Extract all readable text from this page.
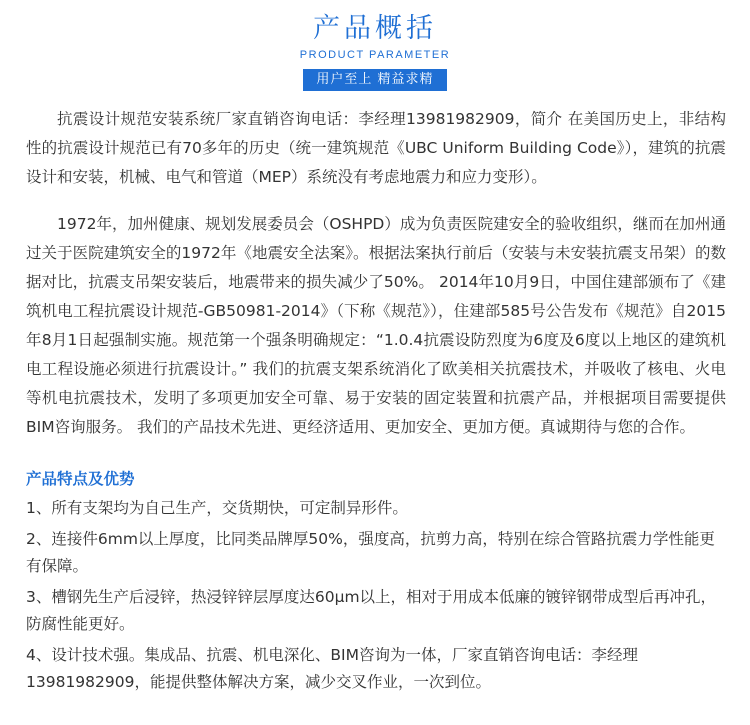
产品概括
PRODUCT PARAMETER
用户至上 精益求精

抗震设计规范安装系统厂家直销咨询电话：李经理13981982909，简介 在美国历史上，非结构性的抗震设计规范已有70多年的历史（统一建筑规范《UBC Uniform Building Code》），建筑的抗震设计和安装，机械、电气和管道（MEP）系统没有考虑地震力和应力变形）。

1972年，加州健康、规划发展委员会（OSHPD）成为负责医院建安全的验收组织，继而在加州通过关于医院建筑安全的1972年《地震安全法案》。根据法案执行前后（安装与未安装抗震支吊架）的数据对比，抗震支吊架安装后，地震带来的损失减少了50%。 2014年10月9日，中国住建部颁布了《建筑机电工程抗震设计规范-GB50981-2014》（下称《规范》），住建部585号公告发布《规范》自2015年8月1日起强制实施。规范第一个强条明确规定：“1.0.4抗震设防烈度为6度及6度以上地区的建筑机电工程设施必须进行抗震设计。” 我们的抗震支架系统消化了欧美相关抗震技术，并吸收了核电、火电等机电抗震技术，发明了多项更加安全可靠、易于安装的固定装置和抗震产品，并根据项目需要提供BIM咨询服务。 我们的产品技术先进、更经济适用、更加安全、更加方便。真诚期待与您的合作。

产品特点及优势
1、所有支架均为自己生产，交货期快，可定制异形件。
2、连接件6mm以上厚度，比同类品牌厚50%，强度高，抗剪力高，特别在综合管路抗震力学性能更有保障。
3、槽钢先生产后浸锌，热浸锌锌层厚度达60μm以上，相对于用成本低廉的镀锌钢带成型后再冲孔，防腐性能更好。
4、设计技术强。集成品、抗震、机电深化、BIM咨询为一体，厂家直销咨询电话：李经理13981982909，能提供整体解决方案，减少交叉作业，一次到位。
